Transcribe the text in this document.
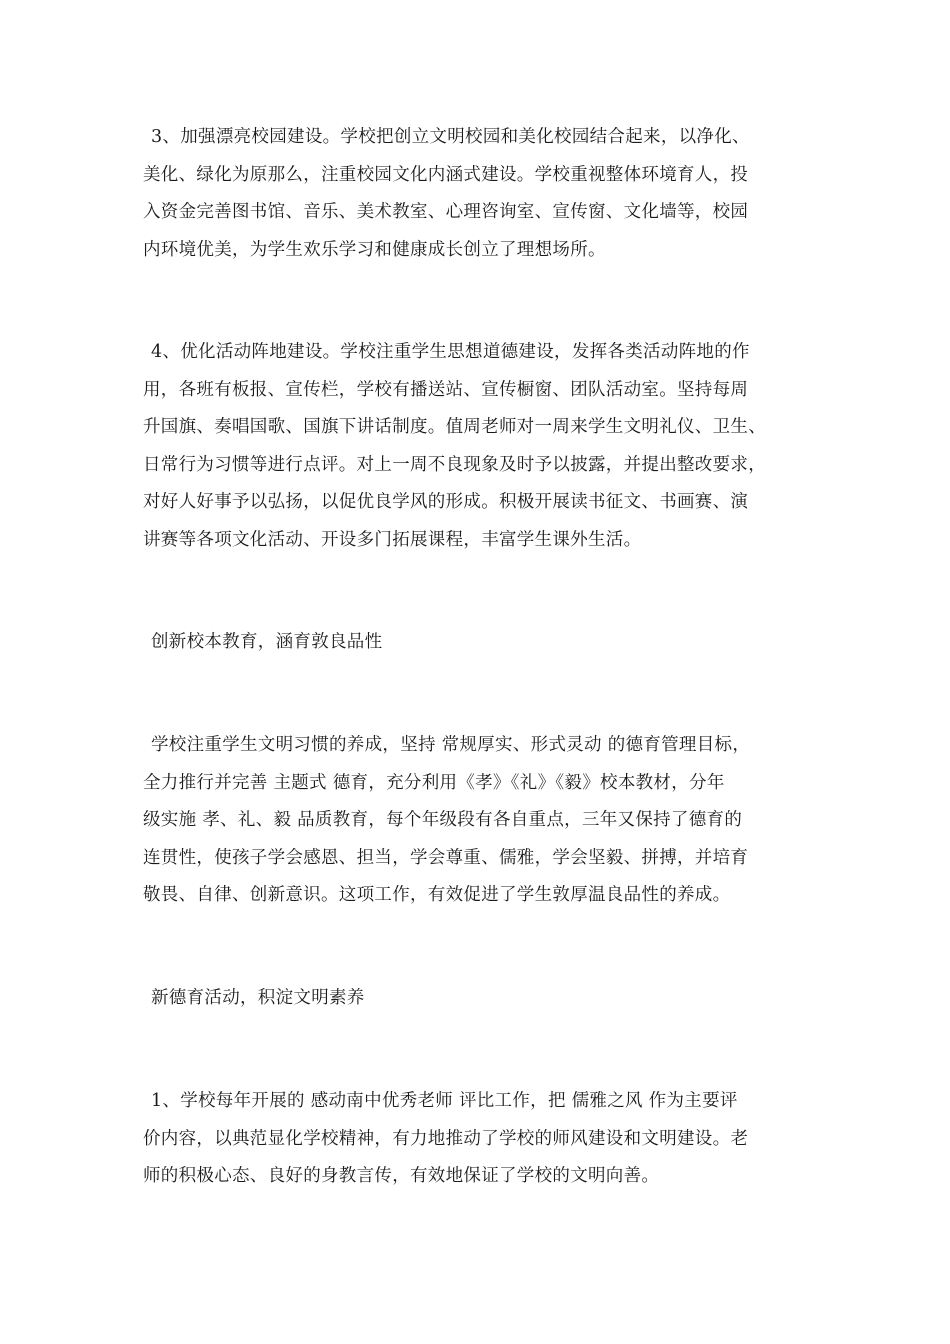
3、加强漂亮校园建设。学校把创立文明校园和美化校园结合起来，以净化、
美化、绿化为原那么，注重校园文化内涵式建设。学校重视整体环境育人，投
入资金完善图书馆、音乐、美术教室、心理咨询室、宣传窗、文化墙等，校园
内环境优美，为学生欢乐学习和健康成长创立了理想场所。
4、优化活动阵地建设。学校注重学生思想道德建设，发挥各类活动阵地的作
用，各班有板报、宣传栏，学校有播送站、宣传橱窗、团队活动室。坚持每周
升国旗、奏唱国歌、国旗下讲话制度。值周老师对一周来学生文明礼仪、卫生、
日常行为习惯等进行点评。对上一周不良现象及时予以披露，并提出整改要求，
对好人好事予以弘扬，以促优良学风的形成。积极开展读书征文、书画赛、演
讲赛等各项文化活动、开设多门拓展课程，丰富学生课外生活。
创新校本教育，涵育敦良品性
学校注重学生文明习惯的养成，坚持 常规厚实、形式灵动 的德育管理目标，
全力推行并完善 主题式 德育，充分利用《孝》《礼》《毅》校本教材，分年
级实施 孝、礼、毅 品质教育，每个年级段有各自重点，三年又保持了德育的
连贯性，使孩子学会感恩、担当，学会尊重、儒雅，学会坚毅、拼搏，并培育
敬畏、自律、创新意识。这项工作，有效促进了学生敦厚温良品性的养成。
新德育活动，积淀文明素养
1、学校每年开展的 感动南中优秀老师 评比工作，把 儒雅之风 作为主要评
价内容，以典范显化学校精神，有力地推动了学校的师风建设和文明建设。老
师的积极心态、良好的身教言传，有效地保证了学校的文明向善。
